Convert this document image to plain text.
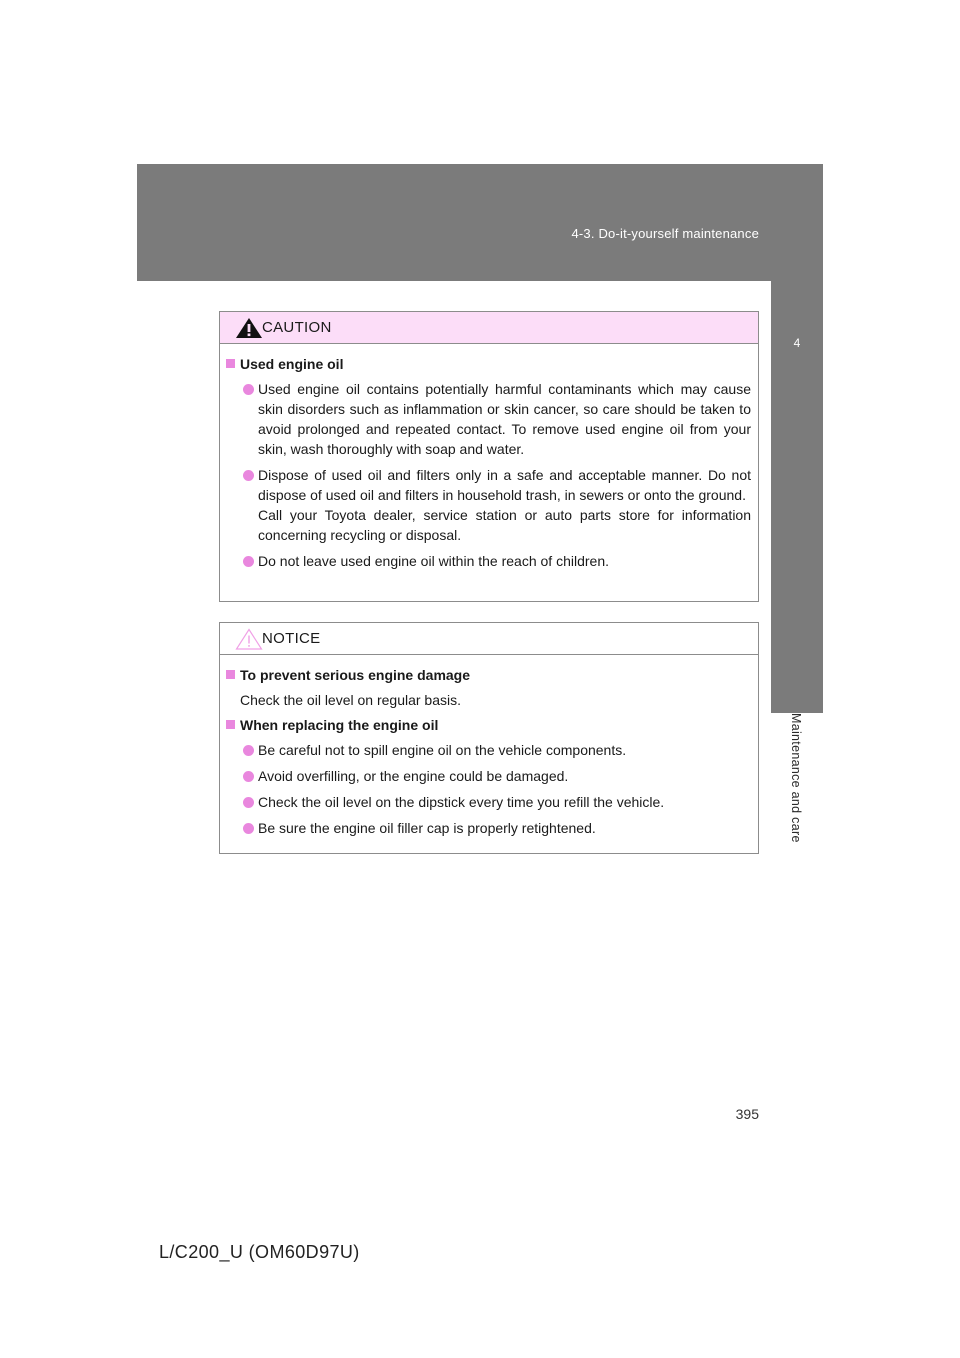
4-3. Do-it-yourself maintenance
4
Maintenance and care
CAUTION
Used engine oil
Used engine oil contains potentially harmful contaminants which may cause skin disorders such as inflammation or skin cancer, so care should be taken to avoid prolonged and repeated contact. To remove used engine oil from your skin, wash thoroughly with soap and water.
Dispose of used oil and filters only in a safe and acceptable manner. Do not dispose of used oil and filters in household trash, in sewers or onto the ground.
Call your Toyota dealer, service station or auto parts store for information concerning recycling or disposal.
Do not leave used engine oil within the reach of children.
NOTICE
To prevent serious engine damage
Check the oil level on regular basis.
When replacing the engine oil
Be careful not to spill engine oil on the vehicle components.
Avoid overfilling, or the engine could be damaged.
Check the oil level on the dipstick every time you refill the vehicle.
Be sure the engine oil filler cap is properly retightened.
395
L/C200_U (OM60D97U)
